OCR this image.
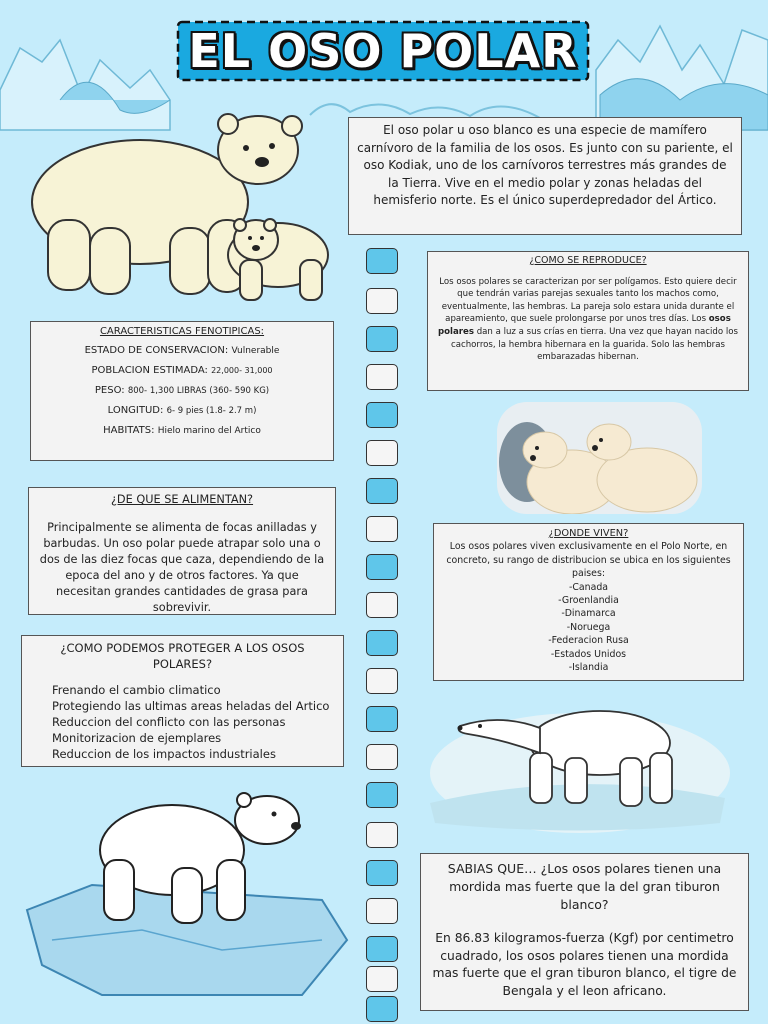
EL OSO POLAR

El oso polar u oso blanco es una especie de mamífero carnívoro de la familia de los osos. Es junto con su pariente, el oso Kodiak, uno de los carnívoros terrestres más grandes de la Tierra. Vive en el medio polar y zonas heladas del hemisferio norte. Es el único superdepredador del Ártico.

CARACTERISTICAS FENOTIPICAS:

ESTADO DE CONSERVACION: Vulnerable

POBLACION ESTIMADA: 22,000- 31,000

PESO: 800- 1,300 LIBRAS (360- 590 KG)

LONGITUD: 6- 9 pies (1.8- 2.7 m)

HABITATS: Hielo marino del Artico

¿DE QUE SE ALIMENTAN?

Principalmente se alimenta de focas anilladas y barbudas. Un oso polar puede atrapar solo una o dos de las diez focas que caza, dependiendo de la epoca del ano y de otros factores. Ya que necesitan grandes cantidades de grasa para sobrevivir.

¿COMO PODEMOS PROTEGER A LOS OSOS POLARES?

Frenando el cambio climatico

Protegiendo las ultimas areas heladas del Artico

Reduccion del conflicto con las personas

Monitorizacion de ejemplares

Reduccion de los impactos industriales

¿COMO SE REPRODUCE?

Los osos polares se caracterizan por ser polígamos. Esto quiere decir que tendrán varias parejas sexuales tanto los machos como, eventualmente, las hembras. La pareja solo estara unida durante el apareamiento, que suele prolongarse por unos tres días. Los osos polares dan a luz a sus crías en tierra. Una vez que hayan nacido los cachorros, la hembra hibernara en la guarida. Solo las hembras embarazadas hibernan.

¿DONDE VIVEN?

Los osos polares viven exclusivamente en el Polo Norte, en concreto, su rango de distribucion se ubica en los siguientes paises:

-Canada

-Groenlandia

-Dinamarca

-Noruega

-Federacion Rusa

-Estados Unidos

-Islandia

SABIAS QUE… ¿Los osos polares tienen una mordida mas fuerte que la del gran tiburon blanco?

En 86.83 kilogramos-fuerza (Kgf) por centimetro cuadrado, los osos polares tienen una mordida mas fuerte que el gran tiburon blanco, el tigre de Bengala y el leon africano.
